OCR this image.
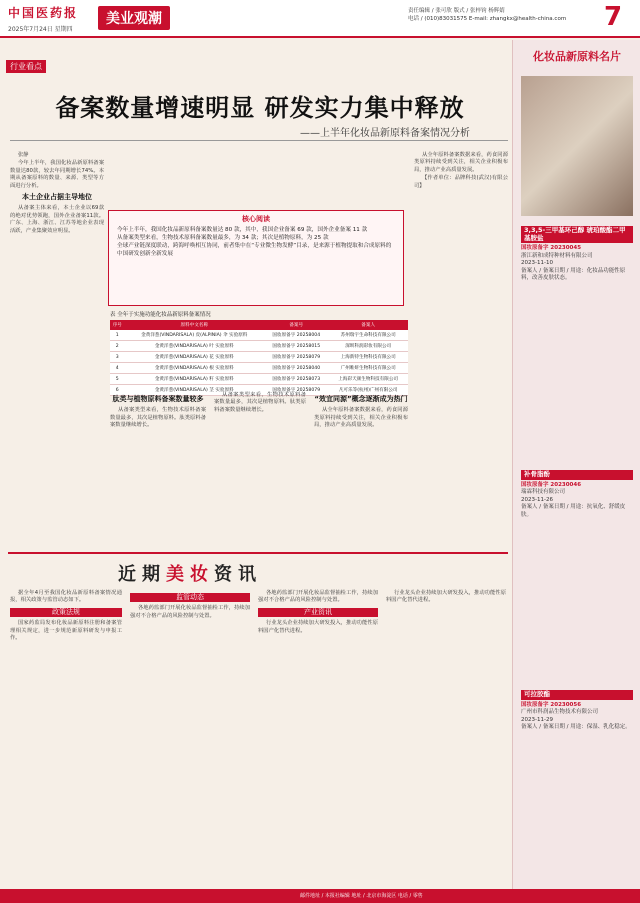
中国医药报
2025年7月24日 星期四
美业观潮	责任编辑 / 张可欣 版式 / 张梓钧 杨辉婧
电话 / (010)83031575 E-mail: zhangkx@health-china.com	7
行业看点
备案数量增速明显 研发实力集中释放
——上半年化妆品新原料备案情况分析

张静

今年上半年，我国化妆品新原料备案数量达80款，较去年同期增长74%。本期从备案原料的数量、来源、类型等方面进行分析。

本土企业占据主导地位

从备案主体来看，本土企业以69款的绝对优势领跑，国外企业备案11款。广东、上海、浙江、江苏等地企业表现活跃，产业集聚效应明显。

核心阅读
今年上半年，我国化妆品新原料备案数量达 80 款，其中，我国企业备案 69 款，国外企业备案 11 款
从备案类型来看，生物技术原料备案数量最多，为 34 款；其次是植物原料，为 25 款
全球产业链深度联动，跨海呼唤相互协同，前者集中在“专业微生物发酵”目录，是来源于植物提取和合成原料的中国研发创新全新发展
表 全年于实施功能化妆品新原料备案情况
序号	原料中文名称	备案号	备案人
1	金黄洋葱(VINDARISALA) 皮(ALPINIA) 伞 实验原料	国妆原备字 20258004	苏州瑞宇生命科技有限公司
2	金黄洋葱(VINDARISALA) 叶 实验原料	国妆原备字 20258015	深圳科润彩妆有限公司
3	金黄洋葱(VINDARISALA) 花 实验原料	国妆原备字 20258079	上海新特生物科技有限公司
4	金黄洋葱(VINDARISALA) 根 实验原料	国妆原备字 20258040	广州唯妍生物科技有限公司
5	金黄洋葱(VINDARISALA) 籽 实验原料	国妆原备字 20258073	上海彩天颜生物科技有限公司
6	金黄洋葱(VINDARISALA) 茎 实验原料	国妆原备字 20258079	凡可乐等(杭州)广州有限公司
肽类与植物原料备案数量较多

从备案类型来看，生物技术原料备案数量最多，其次是植物原料。肽类原料备案数量继续增长。

从备案类型来看，生物技术原料备案数量最多，其次是植物原料。肽类原料备案数量继续增长。

“效宜同源”概念逐渐成为热门

从全年原料备案数据来看，药食同源类原料持续受到关注，相关企业积极布局，推动产业高质量发展。

从全年原料备案数据来看，药食同源类原料持续受到关注，相关企业积极布局，推动产业高质量发展。

【作者单位：品牌科技(武汉)有限公司】

近期美妆资讯

据全年4月至我国化妆品新原料备案情况通报，相关政策与监管动态如下。

政策法规

国家药监局发布化妆品新原料注册和备案管理相关规定，进一步规范新原料研发与申报工作。

监管动态

各地药监部门开展化妆品监督抽检工作，持续加强对不合格产品的风险控制与处置。

各地药监部门开展化妆品监督抽检工作，持续加强对不合格产品的风险控制与处置。

产业资讯

行业龙头企业持续加大研发投入，推动功能性原料国产化替代进程。

行业龙头企业持续加大研发投入，推动功能性原料国产化替代进程。

化妆品新原料名片
3,3,5-三甲基环己醇 琥珀酸酯二甲基胺盐
国妆原备字 20230045
浙江新和成特种材料有限公司
2023-11-10
备案人 / 备案日期 / 用途：化妆品功能性原料，改善皮肤状态。
补骨脂酚
国妆原备字 20230046
瑞霖科技有限公司
2023-11-26
备案人 / 备案日期 / 用途：抗氧化、舒缓皮肤。
可拉胶酯
国妆原备字 20230056
广州市科润品生物技术有限公司
2023-11-29
备案人 / 备案日期 / 用途：保湿、乳化稳定。
邮件地址 / 本报社编辑 地址 / 北京市海淀区 电话 / 零售
